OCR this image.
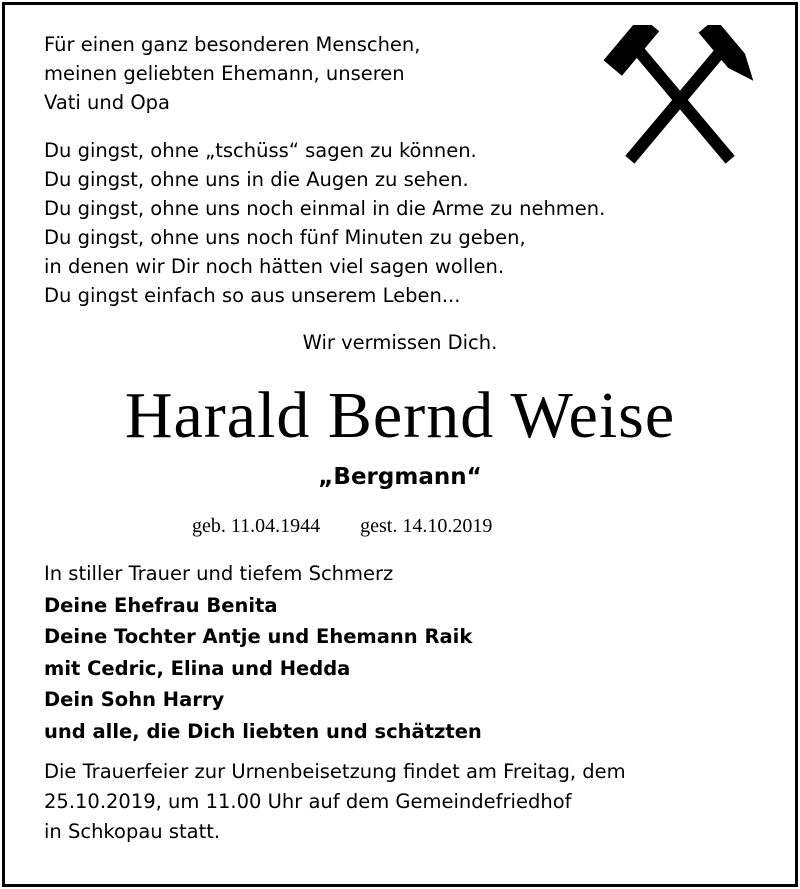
Für einen ganz besonderen Menschen,
meinen geliebten Ehemann, unseren
Vati und Opa
Du gingst, ohne „tschüss“ sagen zu können.
Du gingst, ohne uns in die Augen zu sehen.
Du gingst, ohne uns noch einmal in die Arme zu nehmen.
Du gingst, ohne uns noch fünf Minuten zu geben,
in denen wir Dir noch hätten viel sagen wollen.
Du gingst einfach so aus unserem Leben...
Wir vermissen Dich.
Harald Bernd Weise
„Bergmann“
geb. 11.04.1944 gest. 14.10.2019
In stiller Trauer und tiefem Schmerz
Deine Ehefrau Benita
Deine Tochter Antje und Ehemann Raik
mit Cedric, Elina und Hedda
Dein Sohn Harry
und alle, die Dich liebten und schätzten
Die Trauerfeier zur Urnenbeisetzung findet am Freitag, dem
25.10.2019, um 11.00 Uhr auf dem Gemeindefriedhof
in Schkopau statt.
